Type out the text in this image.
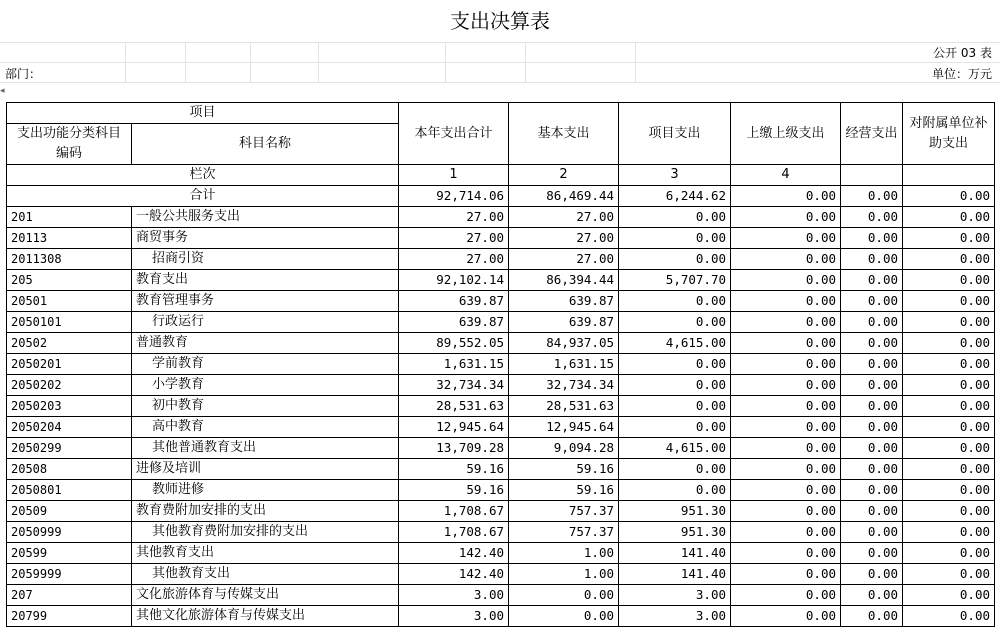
支出决算表
公开 03 表
部门：	单位：万元
◂
项目		本年支出合计	基本支出	项目支出	上缴上级支出	经营支出	对附属单位补助支出
支出功能分类科目编码	科目名称						
栏次		1	2	3	4		
合计		92,714.06	86,469.44	6,244.62	0.00	0.00	0.00
201	一般公共服务支出	27.00	27.00	0.00	0.00	0.00	0.00
20113	商贸事务	27.00	27.00	0.00	0.00	0.00	0.00
2011308	招商引资	27.00	27.00	0.00	0.00	0.00	0.00
205	教育支出	92,102.14	86,394.44	5,707.70	0.00	0.00	0.00
20501	教育管理事务	639.87	639.87	0.00	0.00	0.00	0.00
2050101	行政运行	639.87	639.87	0.00	0.00	0.00	0.00
20502	普通教育	89,552.05	84,937.05	4,615.00	0.00	0.00	0.00
2050201	学前教育	1,631.15	1,631.15	0.00	0.00	0.00	0.00
2050202	小学教育	32,734.34	32,734.34	0.00	0.00	0.00	0.00
2050203	初中教育	28,531.63	28,531.63	0.00	0.00	0.00	0.00
2050204	高中教育	12,945.64	12,945.64	0.00	0.00	0.00	0.00
2050299	其他普通教育支出	13,709.28	9,094.28	4,615.00	0.00	0.00	0.00
20508	进修及培训	59.16	59.16	0.00	0.00	0.00	0.00
2050801	教师进修	59.16	59.16	0.00	0.00	0.00	0.00
20509	教育费附加安排的支出	1,708.67	757.37	951.30	0.00	0.00	0.00
2050999	其他教育费附加安排的支出	1,708.67	757.37	951.30	0.00	0.00	0.00
20599	其他教育支出	142.40	1.00	141.40	0.00	0.00	0.00
2059999	其他教育支出	142.40	1.00	141.40	0.00	0.00	0.00
207	文化旅游体育与传媒支出	3.00	0.00	3.00	0.00	0.00	0.00
20799	其他文化旅游体育与传媒支出	3.00	0.00	3.00	0.00	0.00	0.00
